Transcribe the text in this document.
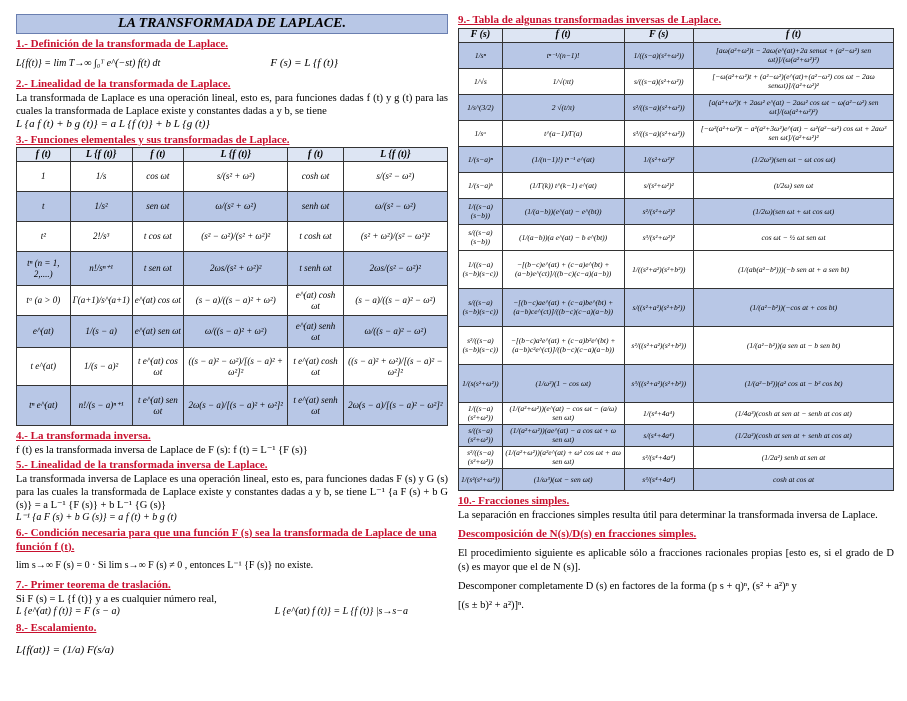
LA TRANSFORMADA DE LAPLACE.
1.- Definición de la transformada de Laplace.
L{f(t)} = lim T→∞ ∫₀ᵀ e^(−st) f(t) dt	F (s) = L {f (t)}
2.- Linealidad de la transformada de Laplace.
La transformada de Laplace es una operación lineal, esto es, para funciones dadas f (t) y g (t) para las cuales la transformada de Laplace existe y constantes dadas a y b, se tiene
L {a f (t) + b g (t)} = a L {f (t)} + b L {g (t)}
3.- Funciones elementales y sus transformadas de Laplace.
f (t)	L {f (t)}	f (t)	L {f (t)}	f (t)	L {f (t)}
1	1/s	cos ωt	s/(s² + ω²)	cosh ωt	s/(s² − ω²)
t	1/s²	sen ωt	ω/(s² + ω²)	senh ωt	ω/(s² − ω²)
t²	2!/s³	t cos ωt	(s² − ω²)/(s² + ω²)²	t cosh ωt	(s² + ω²)/(s² − ω²)²
tⁿ (n = 1, 2,....)	n!/sⁿ⁺¹	t sen ωt	2ωs/(s² + ω²)²	t senh ωt	2ωs/(s² − ω²)²
tᵃ (a > 0)	Γ(a+1)/s^(a+1)	e^(at) cos ωt	(s − a)/((s − a)² + ω²)	e^(at) cosh ωt	(s − a)/((s − a)² − ω²)
e^(at)	1/(s − a)	e^(at) sen ωt	ω/((s − a)² + ω²)	e^(at) senh ωt	ω/((s − a)² − ω²)
t e^(at)	1/(s − a)²	t e^(at) cos ωt	((s − a)² − ω²)/[(s − a)² + ω²]²	t e^(at) cosh ωt	((s − a)² + ω²)/[(s − a)² − ω²]²
tⁿ e^(at)	n!/(s − a)ⁿ⁺¹	t e^(at) sen ωt	2ω(s − a)/[(s − a)² + ω²]²	t e^(at) senh ωt	2ω(s − a)/[(s − a)² − ω²]²
4.- La transformada inversa.
f (t) es la transformada inversa de Laplace de F (s): f (t) = L⁻¹ {F (s)}
5.- Linealidad de la transformada inversa de Laplace.
La transformada inversa de Laplace es una operación lineal, esto es, para funciones dadas F (s) y G (s) para las cuales la transformada de Laplace existe y constantes dadas a y b, se tiene L⁻¹ {a F (s) + b G (s)} = a L⁻¹ {F (s)} + b L⁻¹ {G (s)}
L⁻¹ {a F (s) + b G (s)} = a f (t) + b g (t)
6.- Condición necesaria para que una función F (s) sea la transformada de Laplace de una función f (t).
lim s→∞ F (s) = 0 · Si lim s→∞ F (s) ≠ 0 , entonces L⁻¹ {F (s)} no existe.
7.- Primer teorema de traslación.
Si F (s) = L {f (t)} y a es cualquier número real,
L {e^(at) f (t)} = F (s − a)	L {e^(at) f (t)} = L {f (t)} |s→s−a
8.- Escalamiento.
L{f(at)} = (1/a) F(s/a)
9.- Tabla de algunas transformadas inversas de Laplace.
F (s)	f (t)	F (s)	f (t)
1/sⁿ	tⁿ⁻¹/(n−1)!	1/((s−a)(s²+ω²))	[aω(a²+ω²)t − 2aω(e^(at)+2a senωt + (a²−ω²) sen ωt)]/(ω(a²+ω²)²)
1/√s	1/√(πt)	s/((s−a)(s²+ω²))	[−ω(a²+ω²)t + (a²−ω²)(e^(at)+(a²−ω²) cos ωt − 2aω senωt)]/(a²+ω²)²
1/s^(3/2)	2 √(t/π)	s²/((s−a)(s²+ω²))	[a(a²+ω²)t + 2aω² e^(at) − 2aω² cos ωt − ω(a²−ω²) sen ωt]/(ω(a²+ω²)²)
1/sᵃ	t^(a−1)/Γ(a)	s³/((s−a)(s²+ω²))	[−ω²(a²+ω²)t − a²(a²+3ω²)e^(at) − ω²(a²−ω²) cos ωt + 2aω³ sen ωt]/(a²+ω²)²
1/(s−a)ⁿ	(1/(n−1)!) tⁿ⁻¹ e^(at)	1/(s²+ω²)²	(1/2ω³)(sen ωt − ωt cos ωt)
1/(s−a)ᵏ	(1/Γ(k)) t^(k−1) e^(at)	s/(s²+ω²)²	(t/2ω) sen ωt
1/((s−a)(s−b))	(1/(a−b))(e^(at) − e^(bt))	s²/(s²+ω²)²	(1/2ω)(sen ωt + ωt cos ωt)
s/((s−a)(s−b))	(1/(a−b))(a e^(at) − b e^(bt))	s³/(s²+ω²)²	cos ωt − ½ ωt sen ωt
1/((s−a)(s−b)(s−c))	−[(b−c)e^(at) + (c−a)e^(bt) + (a−b)e^(ct)]/((b−c)(c−a)(a−b))	1/((s²+a²)(s²+b²))	(1/(ab(a²−b²)))(−b sen at + a sen bt)
s/((s−a)(s−b)(s−c))	−[(b−c)ae^(at) + (c−a)be^(bt) + (a−b)ce^(ct)]/((b−c)(c−a)(a−b))	s/((s²+a²)(s²+b²))	(1/(a²−b²))(−cos at + cos bt)
s²/((s−a)(s−b)(s−c))	−[(b−c)a²e^(at) + (c−a)b²e^(bt) + (a−b)c²e^(ct)]/((b−c)(c−a)(a−b))	s²/((s²+a²)(s²+b²))	(1/(a²−b²))(a sen at − b sen bt)
1/(s(s²+ω²))	(1/ω²)(1 − cos ωt)	s³/((s²+a²)(s²+b²))	(1/(a²−b²))(a² cos at − b² cos bt)
1/((s−a)(s²+ω²))	(1/(a²+ω²))(e^(at) − cos ωt − (a/ω) sen ωt)	1/(s⁴+4a⁴)	(1/4a³)(cosh at sen at − senh at cos at)
s/((s−a)(s²+ω²))	(1/(a²+ω²))(ae^(at) − a cos ωt + ω sen ωt)	s/(s⁴+4a⁴)	(1/2a²)(cosh at sen at + senh at cos at)
s²/((s−a)(s²+ω²))	(1/(a²+ω²))(a²e^(at) + ω² cos ωt + aω sen ωt)	s²/(s⁴+4a⁴)	(1/2a²) senh at sen at
1/(s²(s²+ω²))	(1/ω³)(ωt − sen ωt)	s³/(s⁴+4a⁴)	cosh at cos at
10.- Fracciones simples.
La separación en fracciones simples resulta útil para determinar la transformada inversa de Laplace.
Descomposición de N(s)/D(s) en fracciones simples.
El procedimiento siguiente es aplicable sólo a fracciones racionales propias [esto es, si el grado de D (s) es mayor que el de N (s)].
Descomponer completamente D (s) en factores de la forma (p s + q)ⁿ, (s² + a²)ⁿ y
[(s ± b)² + a²)]ⁿ.
